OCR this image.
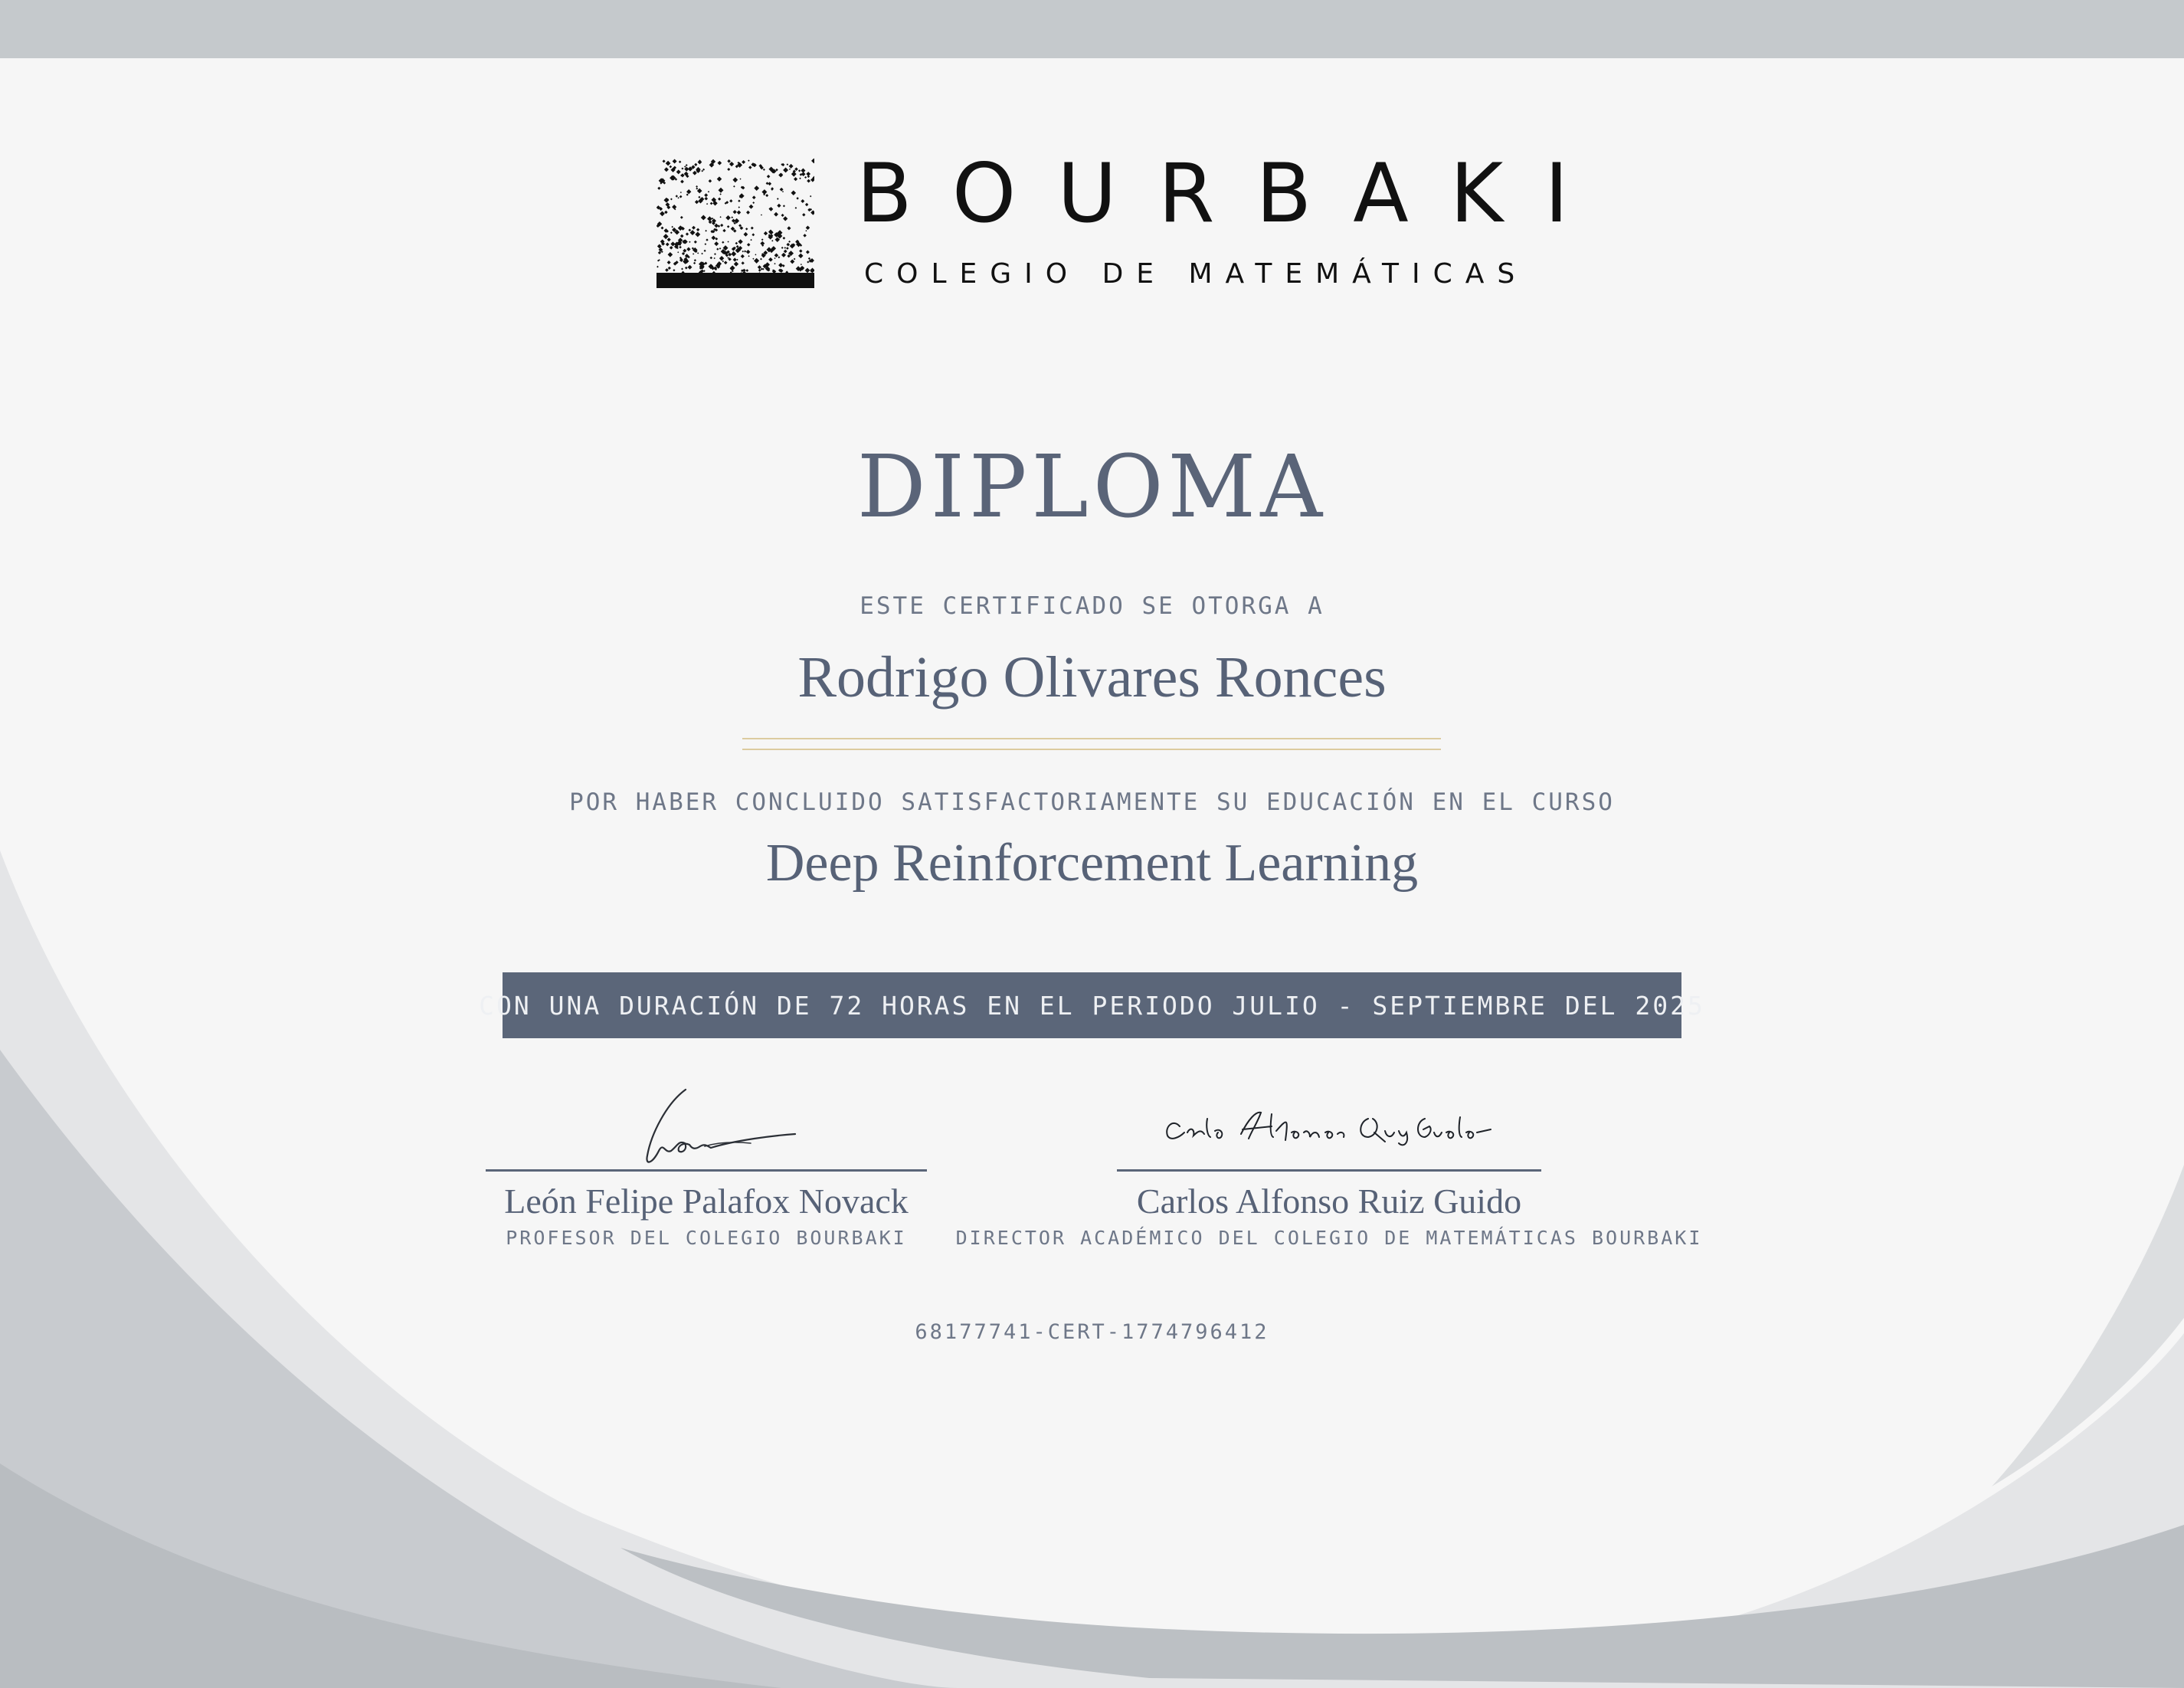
BOURBAKI
COLEGIO DE MATEMÁTICAS
DIPLOMA
ESTE CERTIFICADO SE OTORGA A
Rodrigo Olivares Ronces
POR HABER CONCLUIDO SATISFACTORIAMENTE SU EDUCACIÓN EN EL CURSO
Deep Reinforcement Learning
CON UNA DURACIÓN DE 72 HORAS EN EL PERIODO JULIO - SEPTIEMBRE DEL 2025
León Felipe Palafox Novack
PROFESOR DEL COLEGIO BOURBAKI
Carlos Alfonso Ruiz Guido
DIRECTOR ACADÉMICO DEL COLEGIO DE MATEMÁTICAS BOURBAKI
68177741-CERT-1774796412
